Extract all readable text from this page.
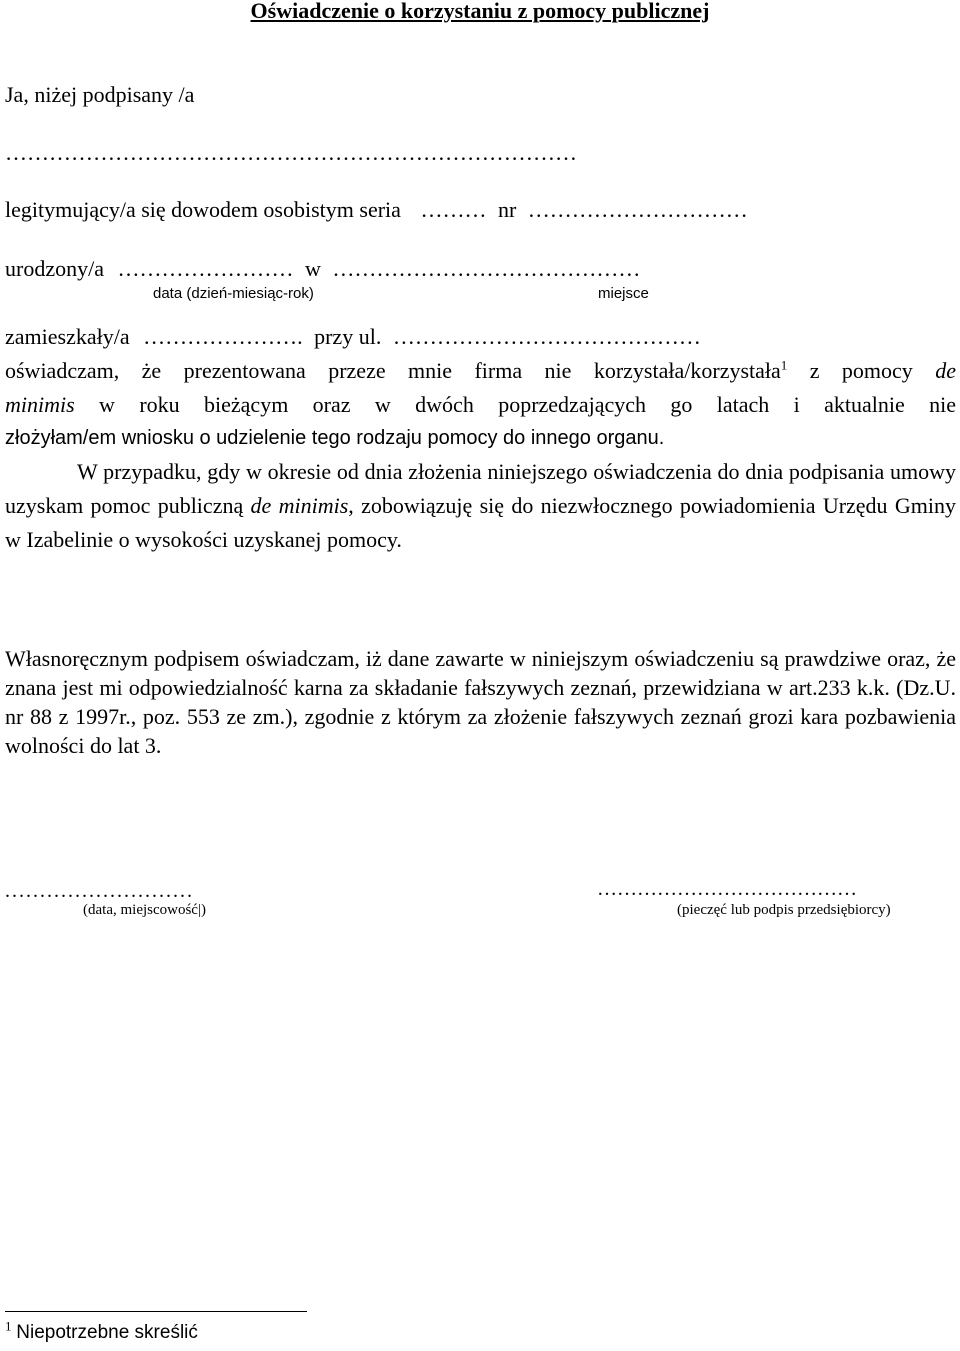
Oświadczenie o korzystaniu z pomocy publicznej
Ja, niżej podpisany /a
……………………………………………………………………
legitymujący/a się dowodem osobistym seria ……… nr …………………………
urodzony/a …………………… w ……………………………………
data (dzień-miesiąc-rok)	miejsce
zamieszkały/a …………………. przy ul. ……………………………………
oświadczam, że prezentowana przeze mnie firma nie korzystała/korzystała$^1$ z pomocy de
minimis w roku bieżącym oraz w dwóch poprzedzających go latach i aktualnie nie
złożyłam/em wniosku o udzielenie tego rodzaju pomocy do innego organu.
W przypadku, gdy w okresie od dnia złożenia niniejszego oświadczenia do dnia podpisania umowy uzyskam pomoc publiczną de minimis, zobowiązuję się do niezwłocznego powiadomienia Urzędu Gminy w Izabelinie o wysokości uzyskanej pomocy.
Własnoręcznym podpisem oświadczam, iż dane zawarte w niniejszym oświadczeniu są prawdziwe oraz, że znana jest mi odpowiedzialność karna za składanie fałszywych zeznań, przewidziana w art.233 k.k. (Dz.U. nr 88 z 1997r., poz. 553 ze zm.), zgodnie z którym za złożenie fałszywych zeznań grozi kara pozbawienia wolności do lat 3.
...........................
(data, miejscowość|)
…………………………………
(pieczęć lub podpis przedsiębiorcy)
$^1$ Niepotrzebne skreślić
